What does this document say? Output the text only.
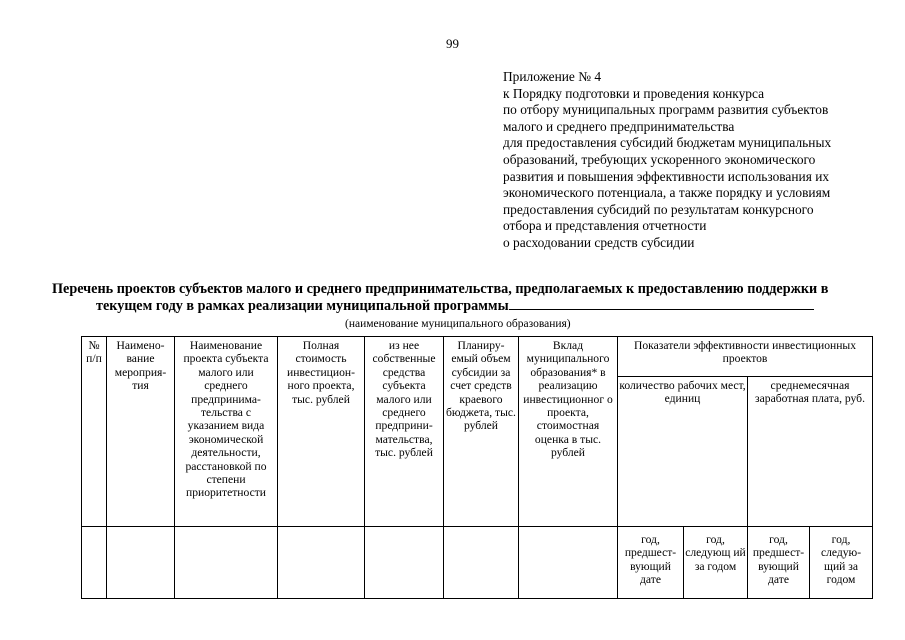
99
Приложение № 4
к Порядку подготовки и проведения конкурса
по отбору муниципальных программ развития субъектов
малого и среднего предпринимательства
для предоставления субсидий бюджетам муниципальных
образований, требующих ускоренного экономического
развития и повышения эффективности использования их
экономического потенциала, а также порядку и условиям
предоставления субсидий по результатам конкурсного
отбора и представления отчетности
о расходовании средств субсидии
Перечень проектов субъектов малого и среднего предпринимательства, предполагаемых к предоставлению поддержки в
текущем году в рамках реализации муниципальной программы
(наименование муниципального образования)
№ п/п	Наимено-вание мероприя-тия	Наименование проекта субъекта малого или среднего предпринима-тельства с указанием вида экономической деятельности, расстановкой по степени приоритетности	Полная стоимость инвестицион-ного проекта, тыс. рублей	из нее собственные средства субъекта малого или среднего предприни-мательства, тыс. рублей	Планиру-емый объем субсидии за счет средств краевого бюджета, тыс. рублей	Вклад муниципального образования* в реализацию инвестиционног о проекта, стоимостная оценка в тыс. рублей	Показатели эффективности инвестиционных проектов			
							количество рабочих мест, единиц		среднемесячная заработная плата, руб.	
							год, предшест-вующий дате	год, следующ ий за годом	год, предшест-вующий дате	год, следую-щий за годом
